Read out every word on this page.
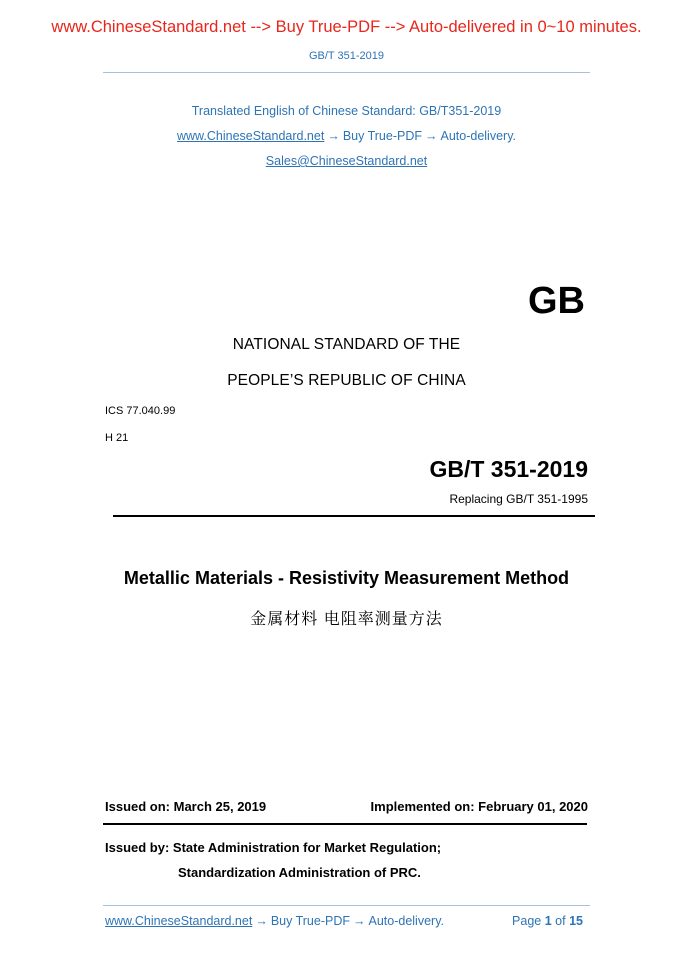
www.ChineseStandard.net --> Buy True-PDF --> Auto-delivered in 0~10 minutes.
GB/T 351-2019
Translated English of Chinese Standard: GB/T351-2019
www.ChineseStandard.net → Buy True-PDF → Auto-delivery.
Sales@ChineseStandard.net
GB
NATIONAL STANDARD OF THE
PEOPLE’S REPUBLIC OF CHINA
ICS 77.040.99
H 21
GB/T 351-2019
Replacing GB/T 351-1995
Metallic Materials - Resistivity Measurement Method
金属材料 电阻率测量方法
Issued on: March 25, 2019	Implemented on: February 01, 2020
Issued by: State Administration for Market Regulation;
Standardization Administration of PRC.
www.ChineseStandard.net → Buy True-PDF → Auto-delivery.	Page 1 of 15
